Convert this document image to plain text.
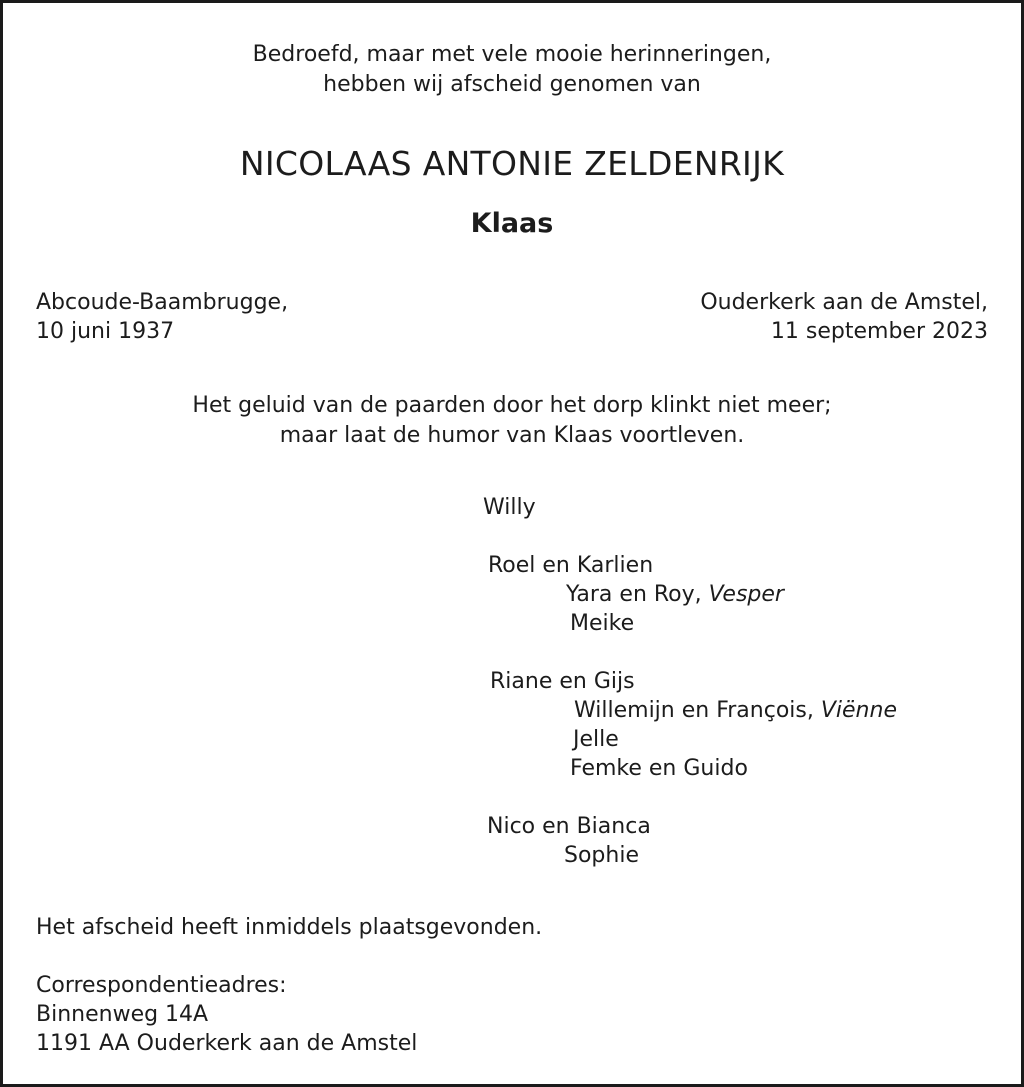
Bedroefd, maar met vele mooie herinneringen,
hebben wij afscheid genomen van
NICOLAAS ANTONIE ZELDENRIJK
Klaas
Abcoude-Baambrugge,
10 juni 1937
Ouderkerk aan de Amstel,
11 september 2023
Het geluid van de paarden door het dorp klinkt niet meer;
maar laat de humor van Klaas voortleven.
Willy
Roel en Karlien
Yara en Roy, Vesper
Meike
Riane en Gijs
Willemijn en François, Viënne
Jelle
Femke en Guido
Nico en Bianca
Sophie
Het afscheid heeft inmiddels plaatsgevonden.
Correspondentieadres:
Binnenweg 14A
1191 AA Ouderkerk aan de Amstel
